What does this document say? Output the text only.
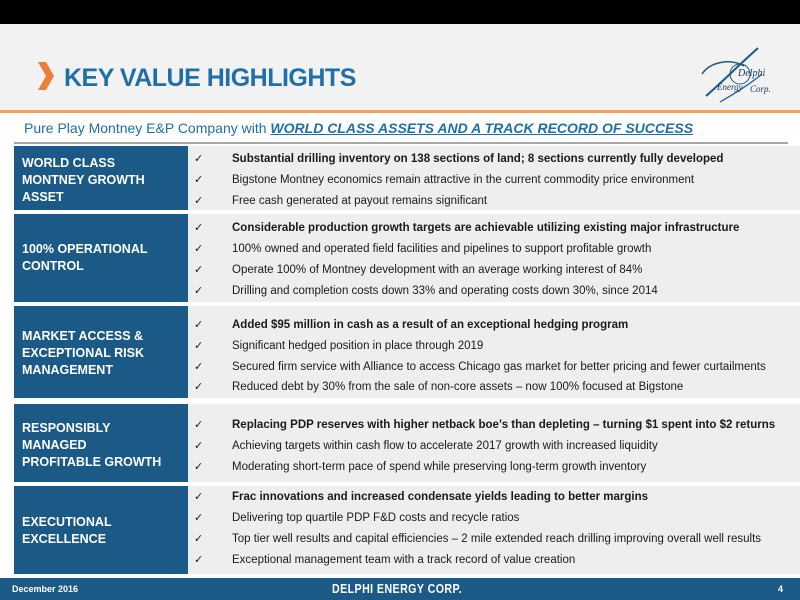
KEY VALUE HIGHLIGHTS	Delphi
Energy Corp.
Pure Play Montney E&P Company with WORLD CLASS ASSETS AND A TRACK RECORD OF SUCCESS
WORLD CLASS
MONTNEY GROWTH
ASSET
✓	Substantial drilling inventory on 138 sections of land; 8 sections currently fully developed
✓	Bigstone Montney economics remain attractive in the current commodity price environment
✓	Free cash generated at payout remains significant
100% OPERATIONAL
CONTROL
✓	Considerable production growth targets are achievable utilizing existing major infrastructure
✓	100% owned and operated field facilities and pipelines to support profitable growth
✓	Operate 100% of Montney development with an average working interest of 84%
✓	Drilling and completion costs down 33% and operating costs down 30%, since 2014
MARKET ACCESS &
EXCEPTIONAL RISK
MANAGEMENT
✓	Added $95 million in cash as a result of an exceptional hedging program
✓	Significant hedged position in place through 2019
✓	Secured firm service with Alliance to access Chicago gas market for better pricing and fewer curtailments
✓	Reduced debt by 30% from the sale of non-core assets – now 100% focused at Bigstone
RESPONSIBLY
MANAGED
PROFITABLE GROWTH
✓	Replacing PDP reserves with higher netback boe’s than depleting – turning $1 spent into $2 returns
✓	Achieving targets within cash flow to accelerate 2017 growth with increased liquidity
✓	Moderating short-term pace of spend while preserving long-term growth inventory
EXECUTIONAL
EXCELLENCE
✓	Frac innovations and increased condensate yields leading to better margins
✓	Delivering top quartile PDP F&D costs and recycle ratios
✓	Top tier well results and capital efficiencies – 2 mile extended reach drilling improving overall well results
✓	Exceptional management team with a track record of value creation
December 2016	DELPHI ENERGY CORP.	4
